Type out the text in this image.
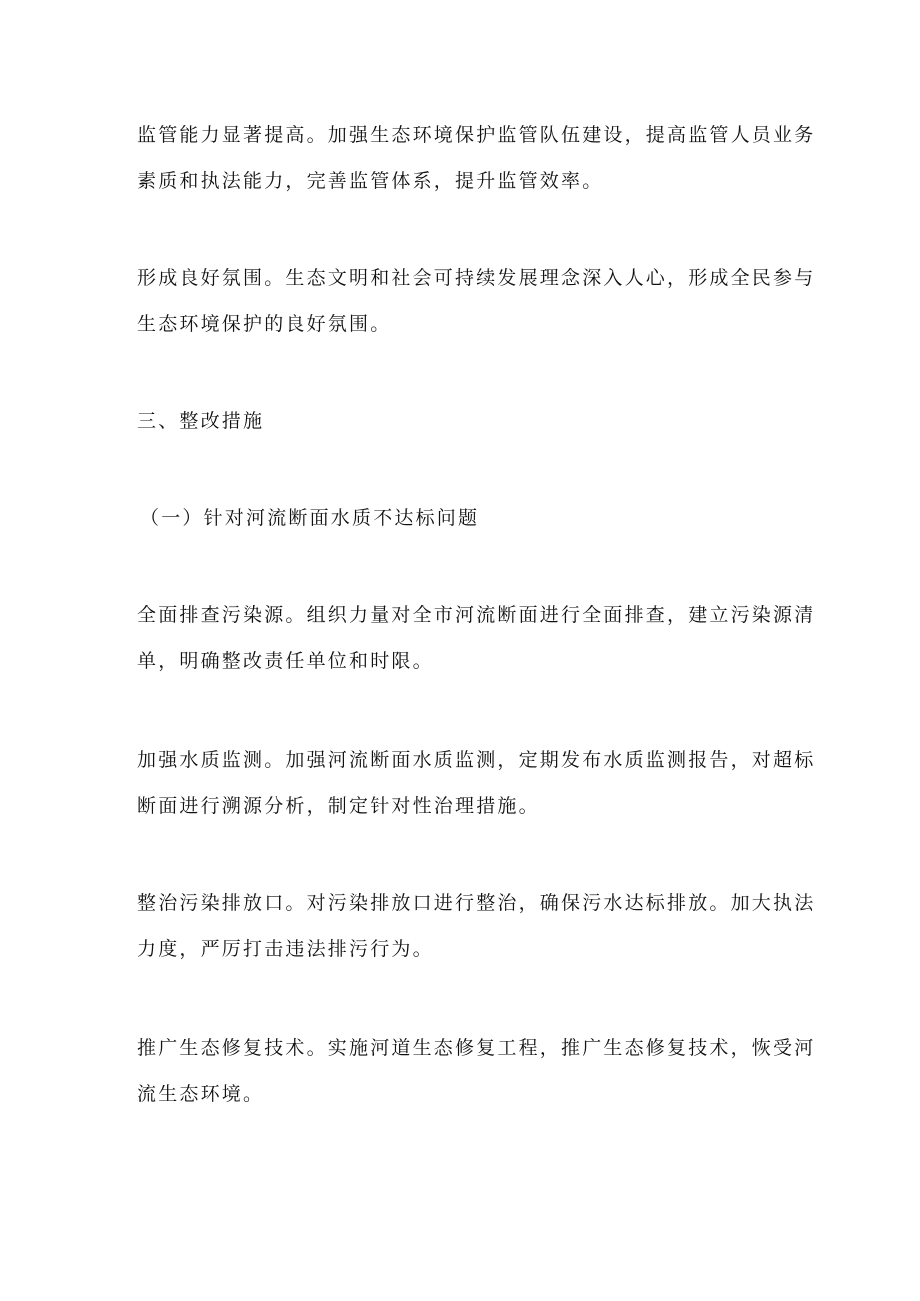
监管能力显著提高。加强生态环境保护监管队伍建设，提高监管人员业务
素质和执法能力，完善监管体系，提升监管效率。

形成良好氛围。生态文明和社会可持续发展理念深入人心，形成全民参与
生态环境保护的良好氛围。

三、整改措施
（一）针对河流断面水质不达标问题

全面排查污染源。组织力量对全市河流断面进行全面排查，建立污染源清
单，明确整改责任单位和时限。

加强水质监测。加强河流断面水质监测，定期发布水质监测报告，对超标
断面进行溯源分析，制定针对性治理措施。

整治污染排放口。对污染排放口进行整治，确保污水达标排放。加大执法
力度，严厉打击违法排污行为。

推广生态修复技术。实施河道生态修复工程，推广生态修复技术，恢受河
流生态环境。
